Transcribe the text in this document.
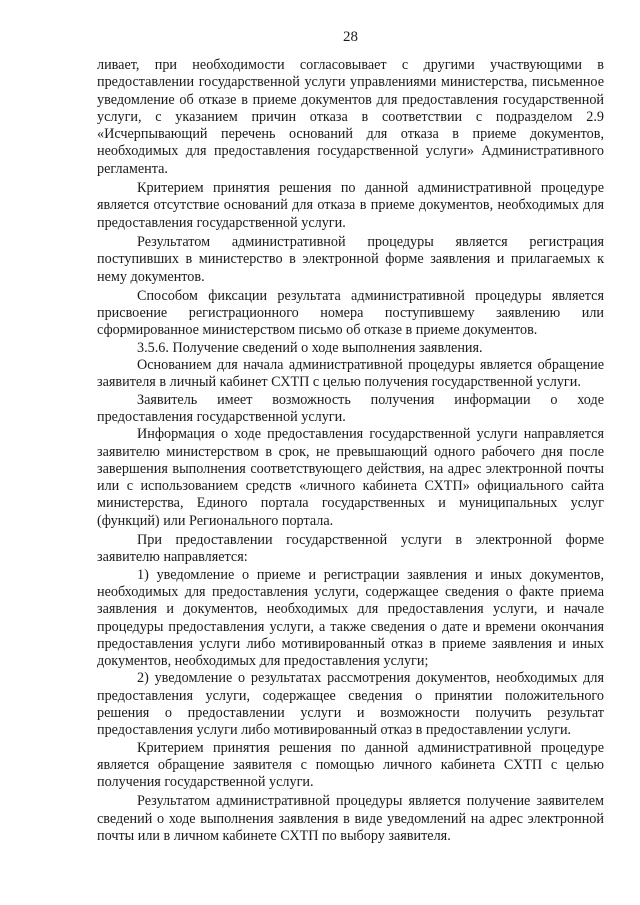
28

ливает, при необходимости согласовывает с другими участвующими в предоставлении государственной услуги управлениями министерства, письменное уведомление об отказе в приеме документов для предоставления государственной услуги, с указанием причин отказа в соответствии с подразделом 2.9 «Исчерпывающий перечень оснований для отказа в приеме документов, необходимых для предоставления государственной услуги» Административного регламента.

Критерием принятия решения по данной административной процедуре является отсутствие оснований для отказа в приеме документов, необходимых для предоставления государственной услуги.

Результатом административной процедуры является регистрация поступивших в министерство в электронной форме заявления и прилагаемых к нему документов.

Способом фиксации результата административной процедуры является присвоение регистрационного номера поступившему заявлению или сформированное министерством письмо об отказе в приеме документов.

3.5.6. Получение сведений о ходе выполнения заявления.

Основанием для начала административной процедуры является обращение заявителя в личный кабинет СХТП с целью получения государственной услуги.

Заявитель имеет возможность получения информации о ходе предоставления государственной услуги.

Информация о ходе предоставления государственной услуги направляется заявителю министерством в срок, не превышающий одного рабочего дня после завершения выполнения соответствующего действия, на адрес электронной почты или с использованием средств «личного кабинета СХТП» официального сайта министерства, Единого портала государственных и муниципальных услуг (функций) или Регионального портала.

При предоставлении государственной услуги в электронной форме заявителю направляется:

1) уведомление о приеме и регистрации заявления и иных документов, необходимых для предоставления услуги, содержащее сведения о факте приема заявления и документов, необходимых для предоставления услуги, и начале процедуры предоставления услуги, а также сведения о дате и времени окончания предоставления услуги либо мотивированный отказ в приеме заявления и иных документов, необходимых для предоставления услуги;

2) уведомление о результатах рассмотрения документов, необходимых для предоставления услуги, содержащее сведения о принятии положительного решения о предоставлении услуги и возможности получить результат предоставления услуги либо мотивированный отказ в предоставлении услуги.

Критерием принятия решения по данной административной процедуре является обращение заявителя с помощью личного кабинета СХТП с целью получения государственной услуги.

Результатом административной процедуры является получение заявителем сведений о ходе выполнения заявления в виде уведомлений на адрес электронной почты или в личном кабинете СХТП по выбору заявителя.
